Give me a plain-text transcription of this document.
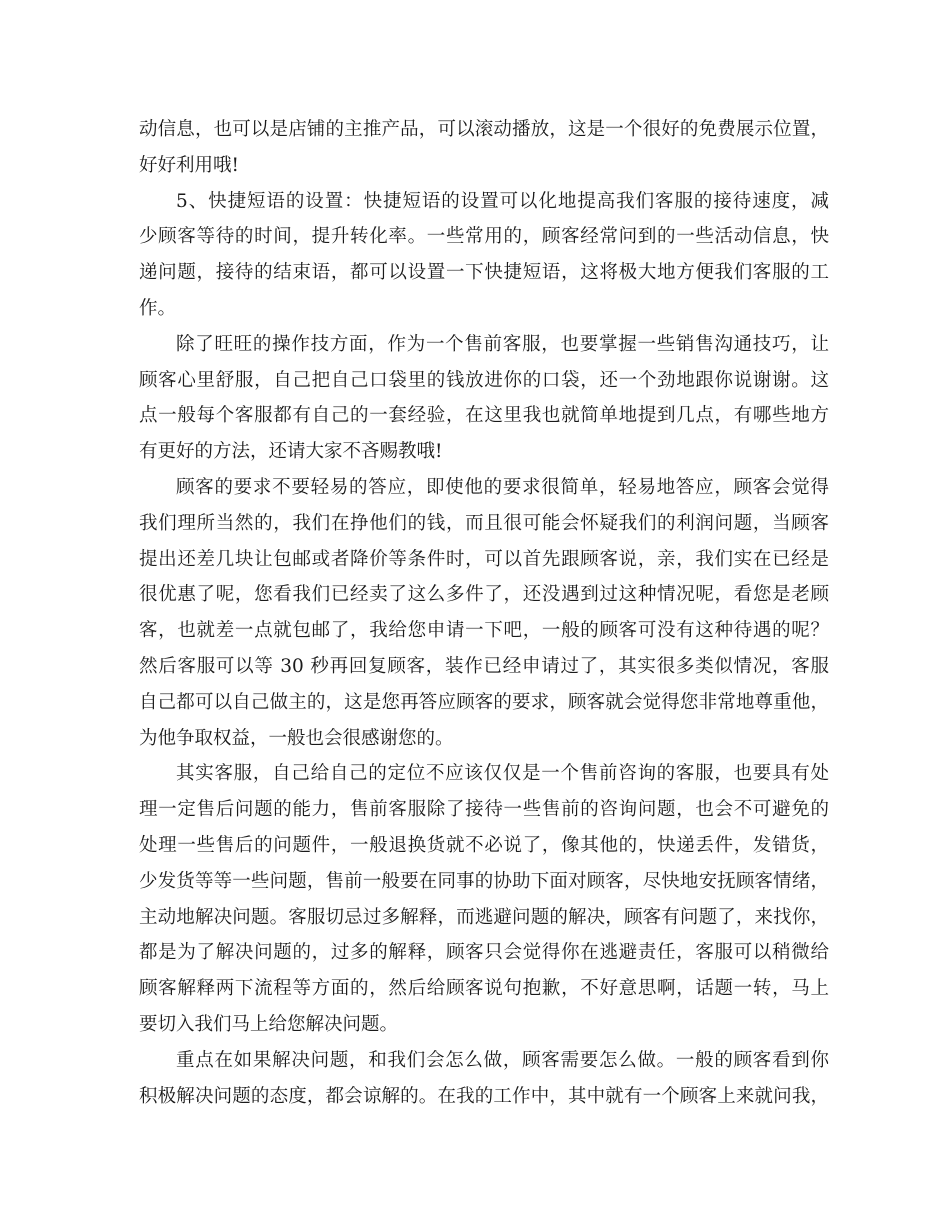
动信息，也可以是店铺的主推产品，可以滚动播放，这是一个很好的免费展示位置，
好好利用哦!
5、快捷短语的设置：快捷短语的设置可以化地提高我们客服的接待速度，减
少顾客等待的时间，提升转化率。一些常用的，顾客经常问到的一些活动信息，快
递问题，接待的结束语，都可以设置一下快捷短语，这将极大地方便我们客服的工
作。
除了旺旺的操作技方面，作为一个售前客服，也要掌握一些销售沟通技巧，让
顾客心里舒服，自己把自己口袋里的钱放进你的口袋，还一个劲地跟你说谢谢。这
点一般每个客服都有自己的一套经验，在这里我也就简单地提到几点，有哪些地方
有更好的方法，还请大家不吝赐教哦!
顾客的要求不要轻易的答应，即使他的要求很简单，轻易地答应，顾客会觉得
我们理所当然的，我们在挣他们的钱，而且很可能会怀疑我们的利润问题，当顾客
提出还差几块让包邮或者降价等条件时，可以首先跟顾客说，亲，我们实在已经是
很优惠了呢，您看我们已经卖了这么多件了，还没遇到过这种情况呢，看您是老顾
客，也就差一点就包邮了，我给您申请一下吧，一般的顾客可没有这种待遇的呢？
然后客服可以等 30 秒再回复顾客，装作已经申请过了，其实很多类似情况，客服
自己都可以自己做主的，这是您再答应顾客的要求，顾客就会觉得您非常地尊重他，
为他争取权益，一般也会很感谢您的。
其实客服，自己给自己的定位不应该仅仅是一个售前咨询的客服，也要具有处
理一定售后问题的能力，售前客服除了接待一些售前的咨询问题，也会不可避免的
处理一些售后的问题件，一般退换货就不必说了，像其他的，快递丢件，发错货，
少发货等等一些问题，售前一般要在同事的协助下面对顾客，尽快地安抚顾客情绪，
主动地解决问题。客服切忌过多解释，而逃避问题的解决，顾客有问题了，来找你，
都是为了解决问题的，过多的解释，顾客只会觉得你在逃避责任，客服可以稍微给
顾客解释两下流程等方面的，然后给顾客说句抱歉，不好意思啊，话题一转，马上
要切入我们马上给您解决问题。
重点在如果解决问题，和我们会怎么做，顾客需要怎么做。一般的顾客看到你
积极解决问题的态度，都会谅解的。在我的工作中，其中就有一个顾客上来就问我，
